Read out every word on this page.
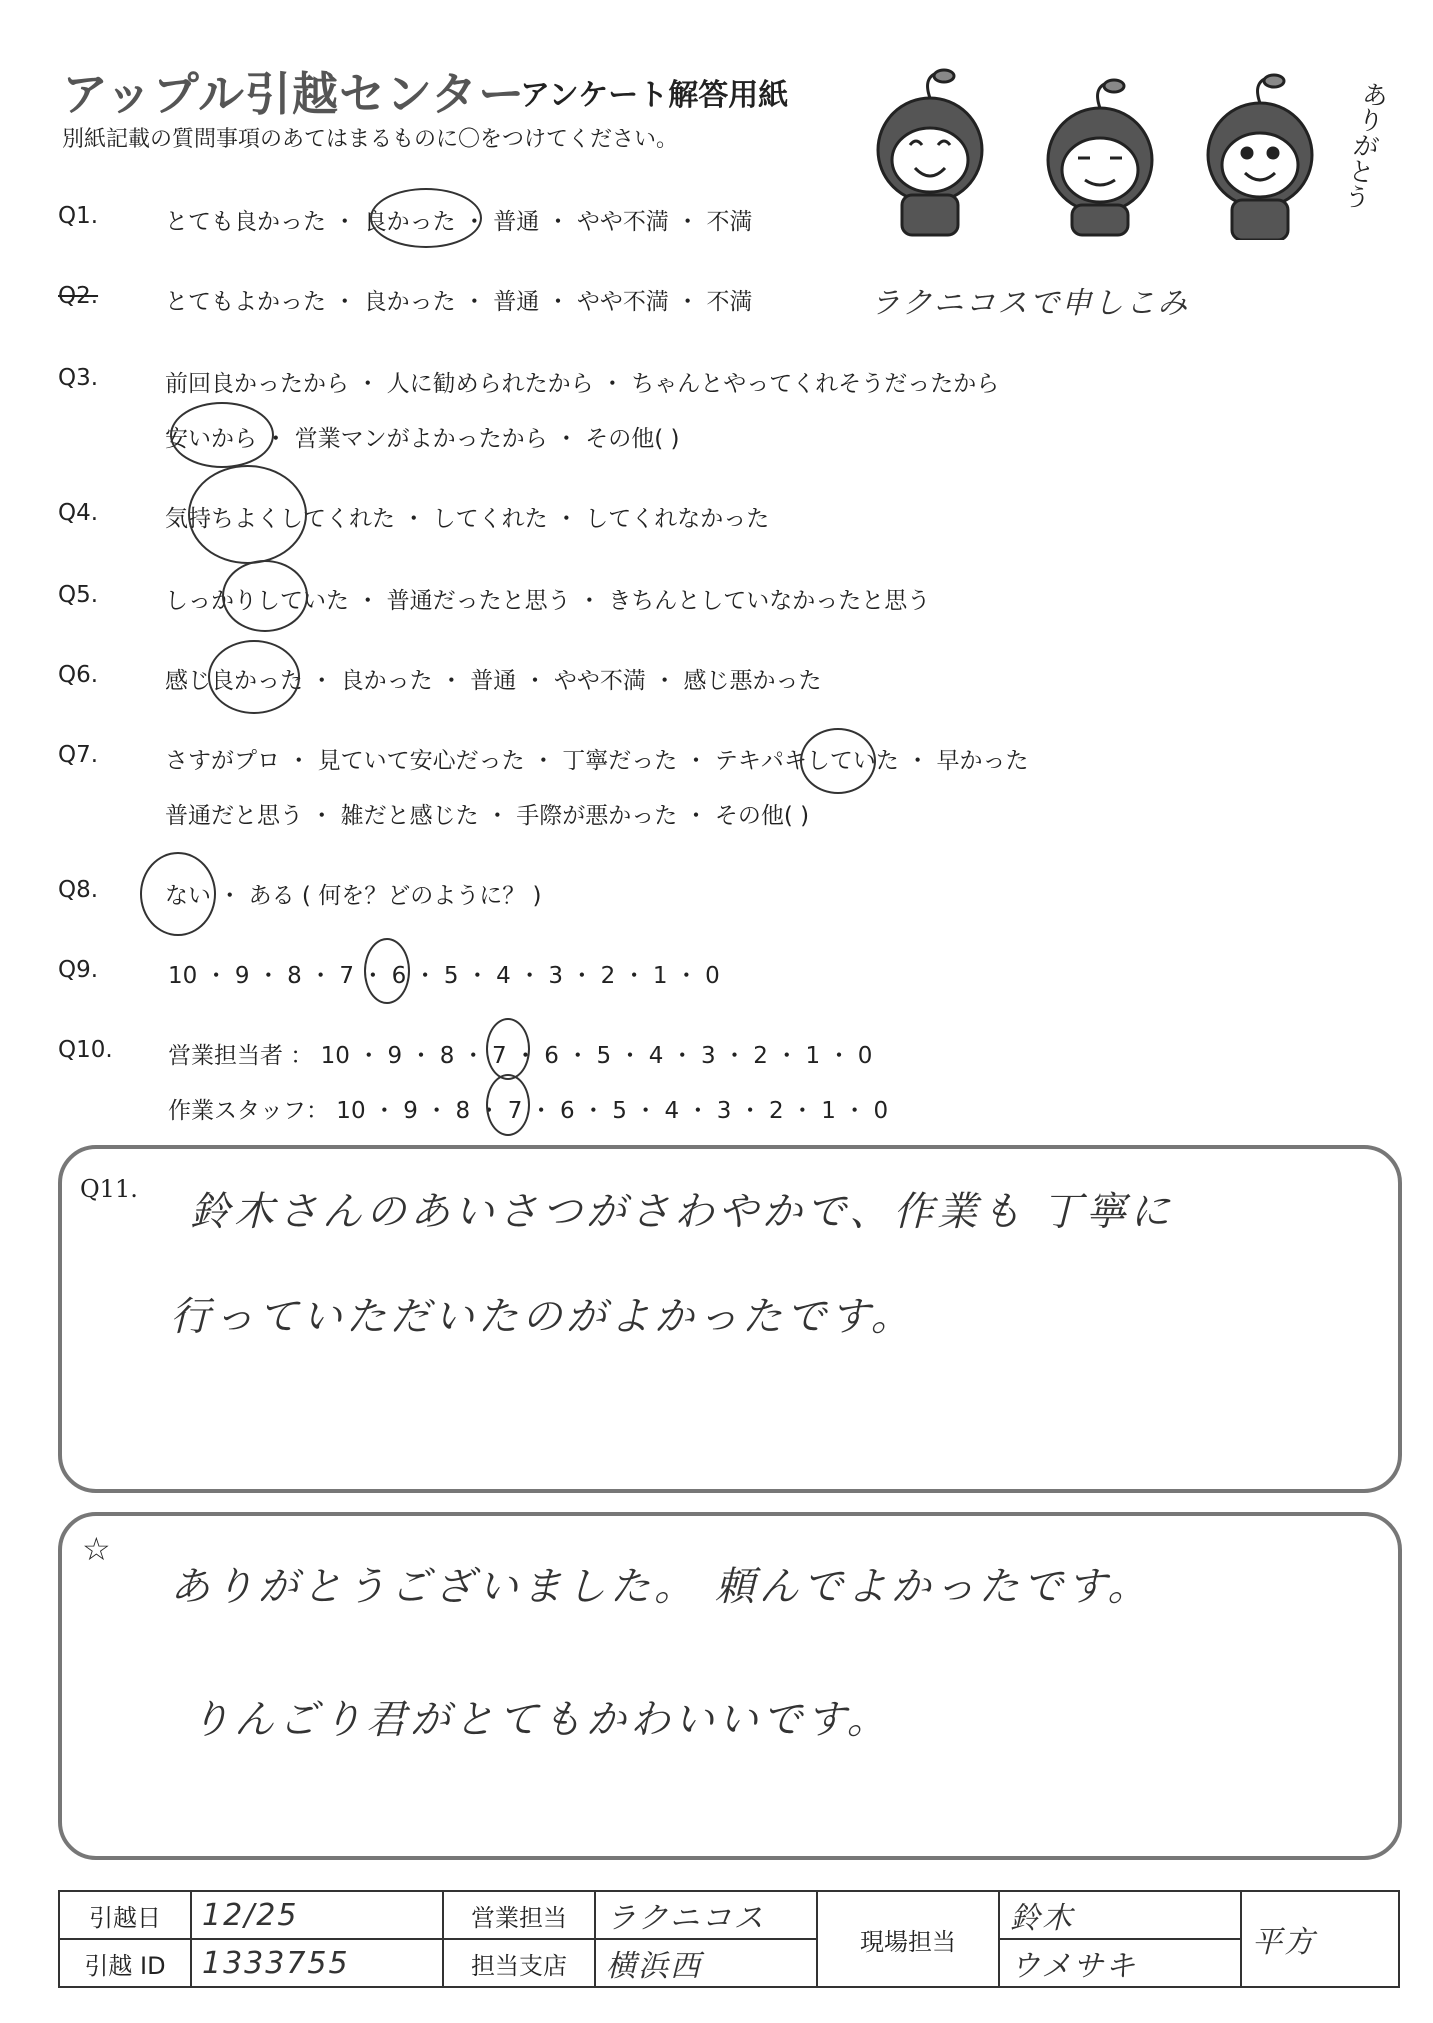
アップル引越センター
アンケート解答用紙
別紙記載の質問事項のあてはまるものに〇をつけてください。	ありがとう
Q1.	とても良かった ・ 良かった ・ 普通 ・ やや不満 ・ 不満
Q2.	とてもよかった ・ 良かった ・ 普通 ・ やや不満 ・ 不満	ラクニコスで申しこみ
Q3.	前回良かったから ・ 人に勧められたから ・ ちゃんとやってくれそうだったから
安いから ・ 営業マンがよかったから ・ その他( )
Q4.	気持ちよくしてくれた ・ してくれた ・ してくれなかった
Q5.	しっかりしていた ・ 普通だったと思う ・ きちんとしていなかったと思う
Q6.	感じ良かった ・ 良かった ・ 普通 ・ やや不満 ・ 感じ悪かった
Q7.	さすがプロ ・ 見ていて安心だった ・ 丁寧だった ・ テキパキしていた ・ 早かった
普通だと思う ・ 雑だと感じた ・ 手際が悪かった ・ その他( )
Q8.	ない ・ ある ( 何を？どのように？ )
Q9.	10 ・ 9 ・ 8 ・ 7 ・ 6 ・ 5 ・ 4 ・ 3 ・ 2 ・ 1 ・ 0
Q10. 営業担当者 ： 10 ・ 9 ・ 8 ・ 7 ・ 6 ・ 5 ・ 4 ・ 3 ・ 2 ・ 1 ・ 0
作業スタッフ： 10 ・ 9 ・ 8 ・ 7 ・ 6 ・ 5 ・ 4 ・ 3 ・ 2 ・ 1 ・ 0
Q11. 鈴木さんのあいさつがさわやかで、作業も 丁寧に
行っていただいたのがよかったです。
☆
ありがとうございました。 頼んでよかったです。
りんごり君がとてもかわいいです。
引越日	12/25	営業担当	ラクニコス	現場担当	鈴木	平方
引越 ID	1333755	担当支店	横浜西		ウメサキ	
